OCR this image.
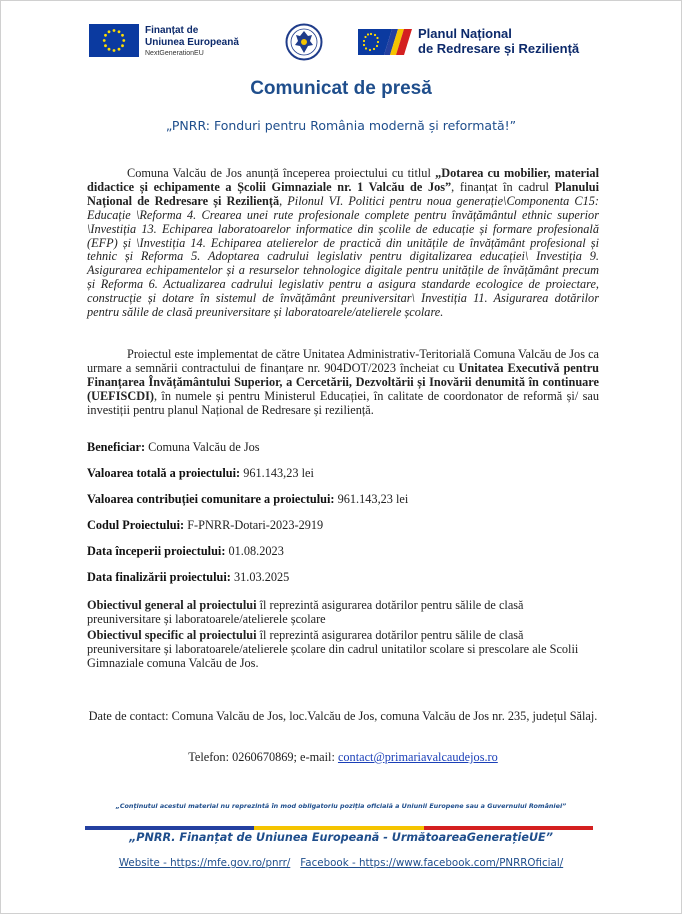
Finanțat de
Uniunea Europeană
NextGenerationEU
Planul Național
de Redresare și Reziliență
Comunicat de presă
„PNRR: Fonduri pentru România modernă și reformată!”
Comuna Valcău de Jos anunță începerea proiectului cu titlul „Dotarea cu mobilier, material didactice și echipamente a Școlii Gimnaziale nr. 1 Valcău de Jos”, finanțat în cadrul Planului Național de Redresare și Reziliență, Pilonul VI. Politici pentru noua generație\Componenta C15: Educație \Reforma 4. Crearea unei rute profesionale complete pentru învățământul ethnic superior \Investiția 13. Echiparea laboratoarelor informatice din școlile de educație și formare profesională (EFP) și \Investiția 14. Echiparea atelierelor de practică din unitățile de învățământ profesional și tehnic și Reforma 5. Adoptarea cadrului legislativ pentru digitalizarea educației\ Investiția 9. Asigurarea echipamentelor și a resurselor tehnologice digitale pentru unitățile de învățământ precum și Reforma 6. Actualizarea cadrului legislativ pentru a asigura standarde ecologice de proiectare, construcție și dotare în sistemul de învățământ preuniversitar\ Investiția 11. Asigurarea dotărilor pentru sălile de clasă preuniversitare și laboratoarele/atelierele școlare.
Proiectul este implementat de către Unitatea Administrativ-Teritorială Comuna Valcău de Jos ca urmare a semnării contractului de finanțare nr. 904DOT/2023 încheiat cu Unitatea Executivă pentru Finanțarea Învățământului Superior, a Cercetării, Dezvoltării și Inovării denumită în continuare (UEFISCDI), în numele și pentru Ministerul Educației, în calitate de coordonator de reformă și/ sau investiții pentru planul Național de Redresare și reziliență.
Beneficiar: Comuna Valcău de Jos
Valoarea totală a proiectului: 961.143,23 lei
Valoarea contribuției comunitare a proiectului: 961.143,23 lei
Codul Proiectului: F-PNRR-Dotari-2023-2919
Data începerii proiectului: 01.08.2023
Data finalizării proiectului: 31.03.2025
Obiectivul general al proiectului îl reprezintă asigurarea dotărilor pentru sălile de clasă preuniversitare și laboratoarele/atelierele școlare
Obiectivul specific al proiectului îl reprezintă asigurarea dotărilor pentru sălile de clasă preuniversitare și laboratoarele/atelierele școlare din cadrul unitatilor scolare si prescolare ale Scolii Gimnaziale comuna Valcău de Jos.
Date de contact: Comuna Valcău de Jos, loc.Valcău de Jos, comuna Valcău de Jos nr. 235, județul Sălaj.
Telefon: 0260670869; e-mail: contact@primariavalcaudejos.ro
„Conținutul acestui material nu reprezintă în mod obligatoriu poziția oficială a Uniunii Europene sau a Guvernului României”
„PNRR. Finanțat de Uniunea Europeană - UrmătoareaGenerațieUE”
Website - https://mfe.gov.ro/pnrr/ Facebook - https://www.facebook.com/PNRROficial/
